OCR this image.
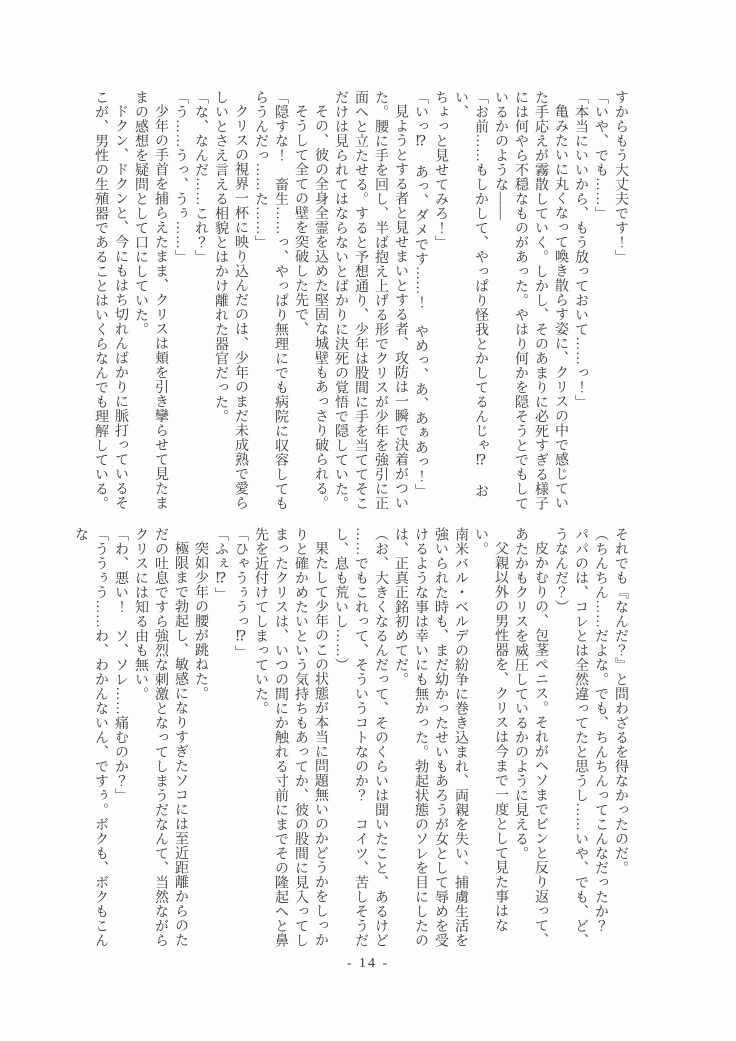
すからもう大丈夫です！」

「いや、でも……」

「本当にいいから、もう放っておいて……っ！」

亀みたいに丸くなって喚き散らす姿に、クリスの中で感じてい

た手応えが霧散していく。しかし、そのあまりに必死すぎる様子

には何やら不穏なものがあった。やはり何かを隠そうとでもして

いるかのような――

「お前……もしかして、やっぱり怪我とかしてるんじゃ⁉　おい、

ちょっと見せてみろ！」

「いっ⁉　あっ、ダメです……！　やめっ、あ、あぁあっ！」

見ようとする者と見せまいとする者、攻防は一瞬で決着がつい

た。腰に手を回し、半ば抱え上げる形でクリスが少年を強引に正

面へと立たせる。すると予想通り、少年は股間に手を当ててそこ

だけは見られてはならないとばかりに決死の覚悟で隠していた。

その、彼の全身全霊を込めた堅固な城壁もあっさり破られる。

そうして全ての壁を突破した先で、

「隠すな！　畜生……っ、やっぱり無理にでも病院に収容しても

らうんだっ……た……」

クリスの視界一杯に映り込んだのは、少年のまだ未成熟で愛ら

しいとさえ言える相貌とはかけ離れた器官だった。

「な、なんだ……これ？」

「う……うっ、うぅ……」

少年の手首を捕らえたまま、クリスは頬を引き攣らせて見たま

まの感想を疑問として口にしていた。

ドクン、ドクンと、今にもはち切れんばかりに脈打っているそ

こが、男性の生殖器であることはいくらなんでも理解している。

それでも『なんだ？』と問わざるを得なかったのだ。

（ちんちん……だよな。でも、ちんちんってこんなだったか？

パパのは、コレとは全然違ってたと思うし……いや、でも、ど、

うなんだ？）

皮かむりの、包茎ペニス。それがヘソまでビンと反り返って、

あたかもクリスを威圧しているかのように見える。

父親以外の男性器を、クリスは今まで一度として見た事はない。

南米バル・ベルデの紛争に巻き込まれ、両親を失い、捕虜生活を

強いられた時も、まだ幼かったせいもあろうが女として辱めを受

けるような事は幸いにも無かった。勃起状態のソレを目にしたの

は、正真正銘初めてだ。

（お、大きくなるんだって、そのくらいは聞いたこと、あるけど

……でもこれって、そういうコトなのか？　コイツ、苦しそうだ

し、息も荒いし……）

果たして少年のこの状態が本当に問題無いのかどうかをしっか

りと確かめたいという気持ちもあってか、彼の股間に見入ってし

まったクリスは、いつの間にか触れる寸前にまでその隆起へと鼻

先を近付けてしまっていた。

「ひゃうぅうっ⁉」

「ふぇ⁉」

突如少年の腰が跳ねた。

極限まで勃起し、敏感になりすぎたソコには至近距離からのた

だの吐息ですら強烈な刺激となってしまうだなんて、当然ながら

クリスには知る由も無い。

「わ、悪い！　ソ、ソレ……痛むのか？」

「ううぅう……わ、わかんないん、ですぅ。ボクも、ボクもこんな

- 14 -
